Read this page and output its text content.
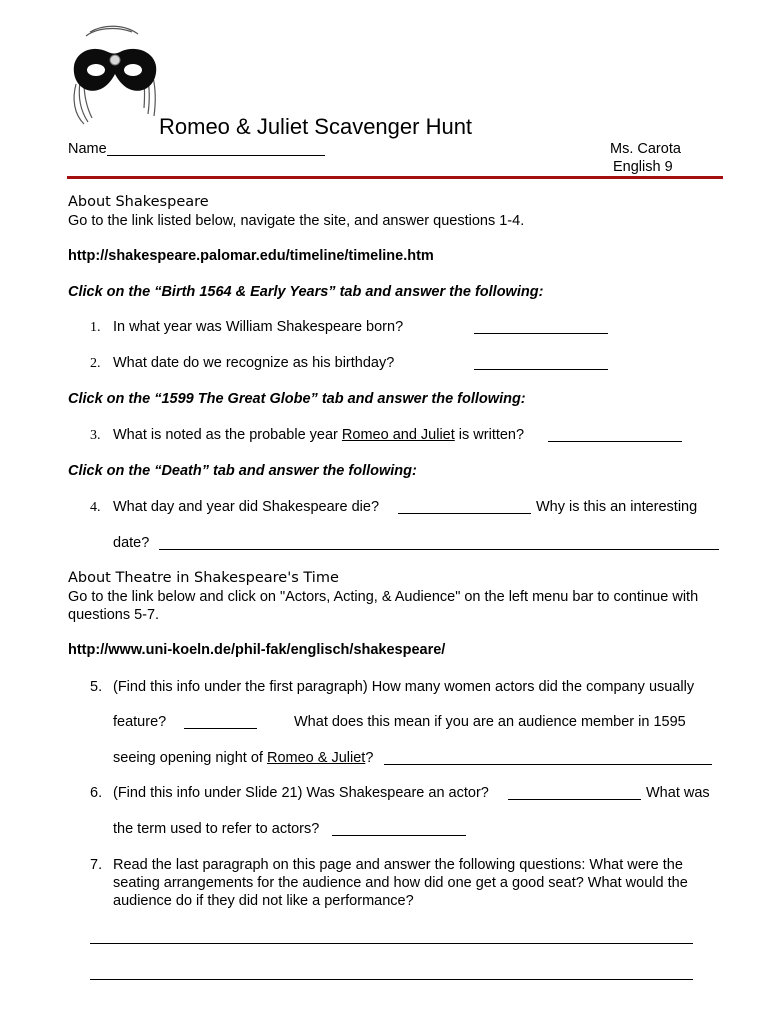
Romeo & Juliet Scavenger Hunt
Name	Ms. Carota
English 9
About Shakespeare
Go to the link listed below, navigate the site, and answer questions 1-4.
http://shakespeare.palomar.edu/timeline/timeline.htm
Click on the “Birth 1564 & Early Years” tab and answer the following:
1. In what year was William Shakespeare born?
2. What date do we recognize as his birthday?
Click on the “1599 The Great Globe” tab and answer the following:
3. What is noted as the probable year Romeo and Juliet is written?
Click on the “Death” tab and answer the following:
4. What day and year did Shakespeare die?	Why is this an interesting
date?
About Theatre in Shakespeare's Time
Go to the link below and click on "Actors, Acting, & Audience" on the left menu bar to continue with questions 5-7.
http://www.uni-koeln.de/phil-fak/englisch/shakespeare/
5. (Find this info under the first paragraph) How many women actors did the company usually
feature?	What does this mean if you are an audience member in 1595
seeing opening night of Romeo & Juliet?
6. (Find this info under Slide 21) Was Shakespeare an actor?	What was
the term used to refer to actors?
7. Read the last paragraph on this page and answer the following questions: What were the seating arrangements for the audience and how did one get a good seat? What would the audience do if they did not like a performance?
